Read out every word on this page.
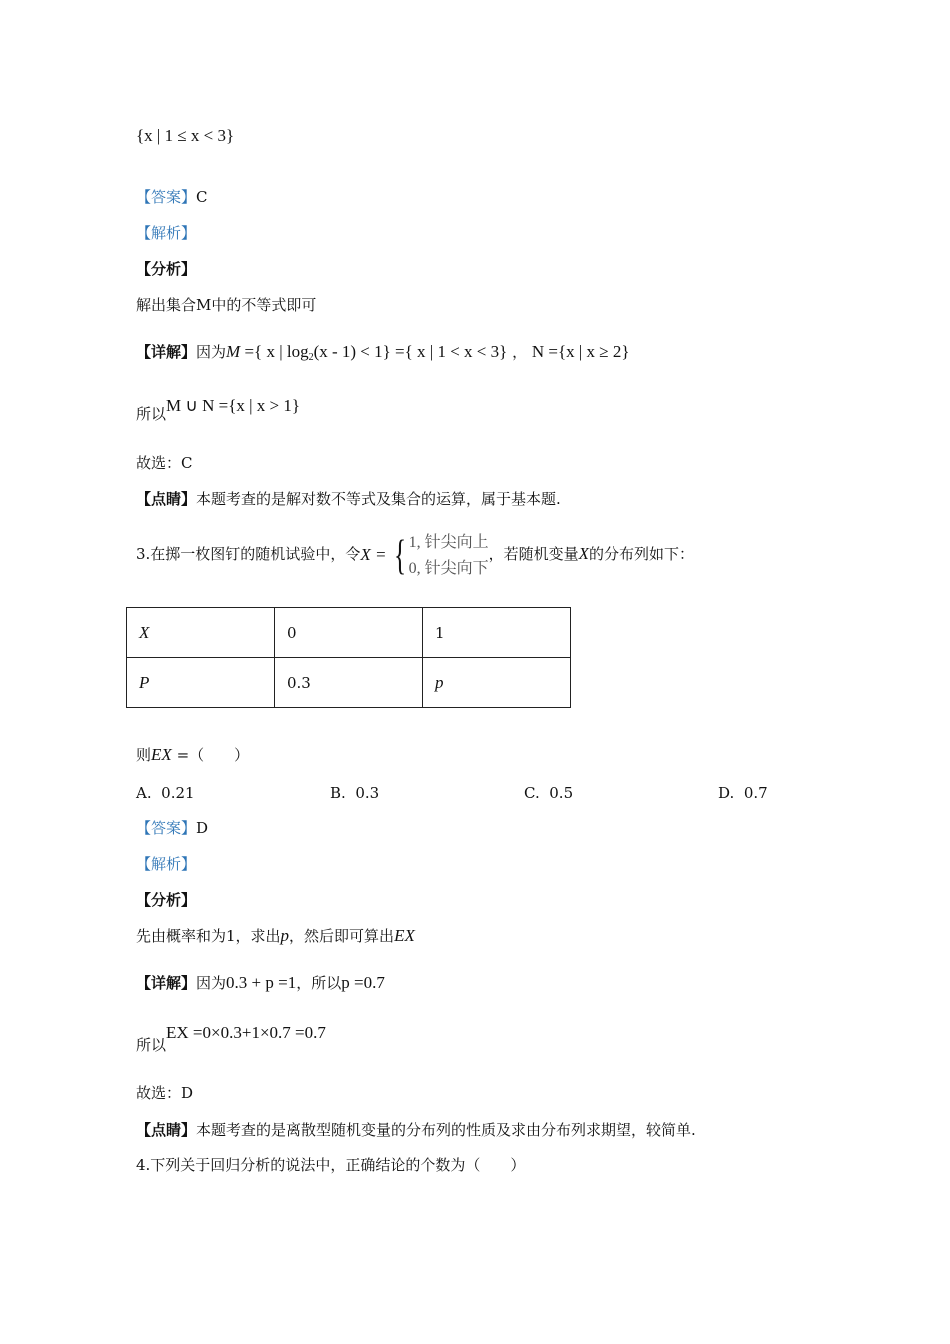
{x | 1 ≤ x < 3}
【答案】C
【解析】
【分析】
解出集合M中的不等式即可
【详解】因为M ={ x | $\log_2(x - 1) < 1$} ={ x | 1 < x < 3} ， N ={x | x ≥ 2}
所以M ∪ N ={x | x > 1}
故选：C
【点睛】本题考查的是解对数不等式及集合的运算，属于基本题.
3.在掷一枚图钉的随机试验中，令X = { 1, 针尖向上
0, 针尖向下
，若随机变量X的分布列如下：
X	0	1
P	0.3	p
则EX =（　　）
A. 0.21	B. 0.3	C. 0.5	D. 0.7
【答案】D
【解析】
【分析】
先由概率和为1，求出p，然后即可算出EX
【详解】因为0.3 + p =1，所以p =0.7
所以EX =0×0.3+1×0.7 =0.7
故选：D
【点睛】本题考查的是离散型随机变量的分布列的性质及求由分布列求期望，较简单.
4.下列关于回归分析的说法中，正确结论的个数为（　　）
